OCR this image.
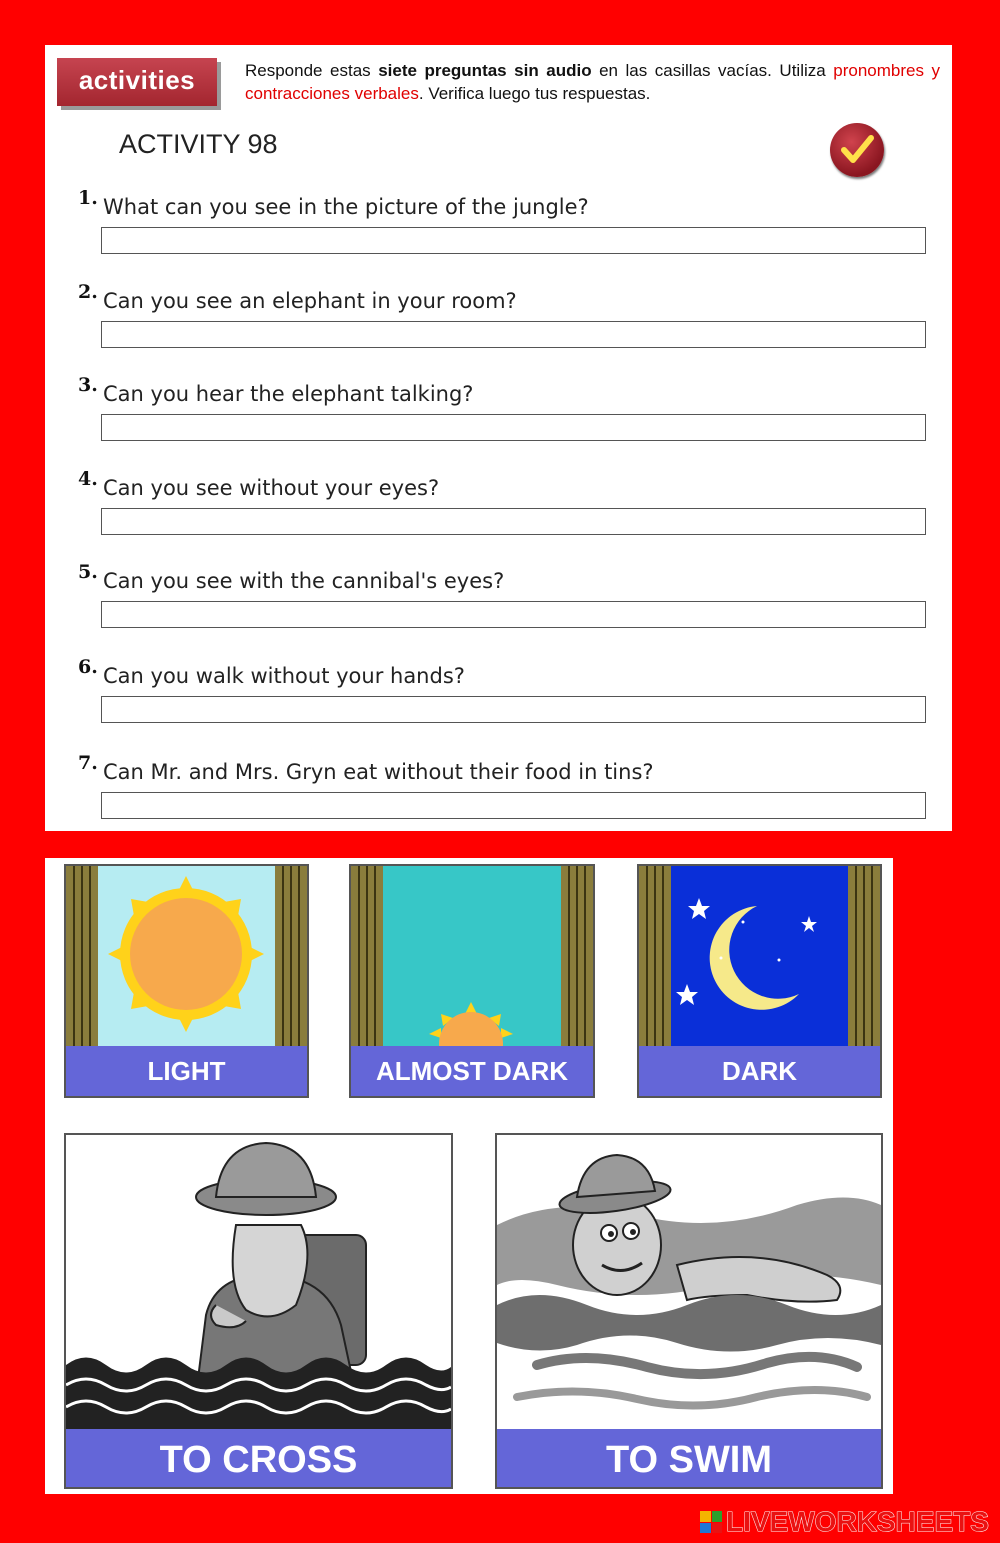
activities	Responde estas siete preguntas sin audio en las casillas vacías. Utiliza pronombres y contracciones verbales. Verifica luego tus respuestas.
ACTIVITY 98
1. What can you see in the picture of the jungle?
2. Can you see an elephant in your room?
3. Can you hear the elephant talking?
4. Can you see without your eyes?
5. Can you see with the cannibal's eyes?
6. Can you walk without your hands?
7. Can Mr. and Mrs. Gryn eat without their food in tins?
LIGHT	ALMOST DARK	DARK
TO CROSS	TO SWIM
LIVEWORKSHEETS
